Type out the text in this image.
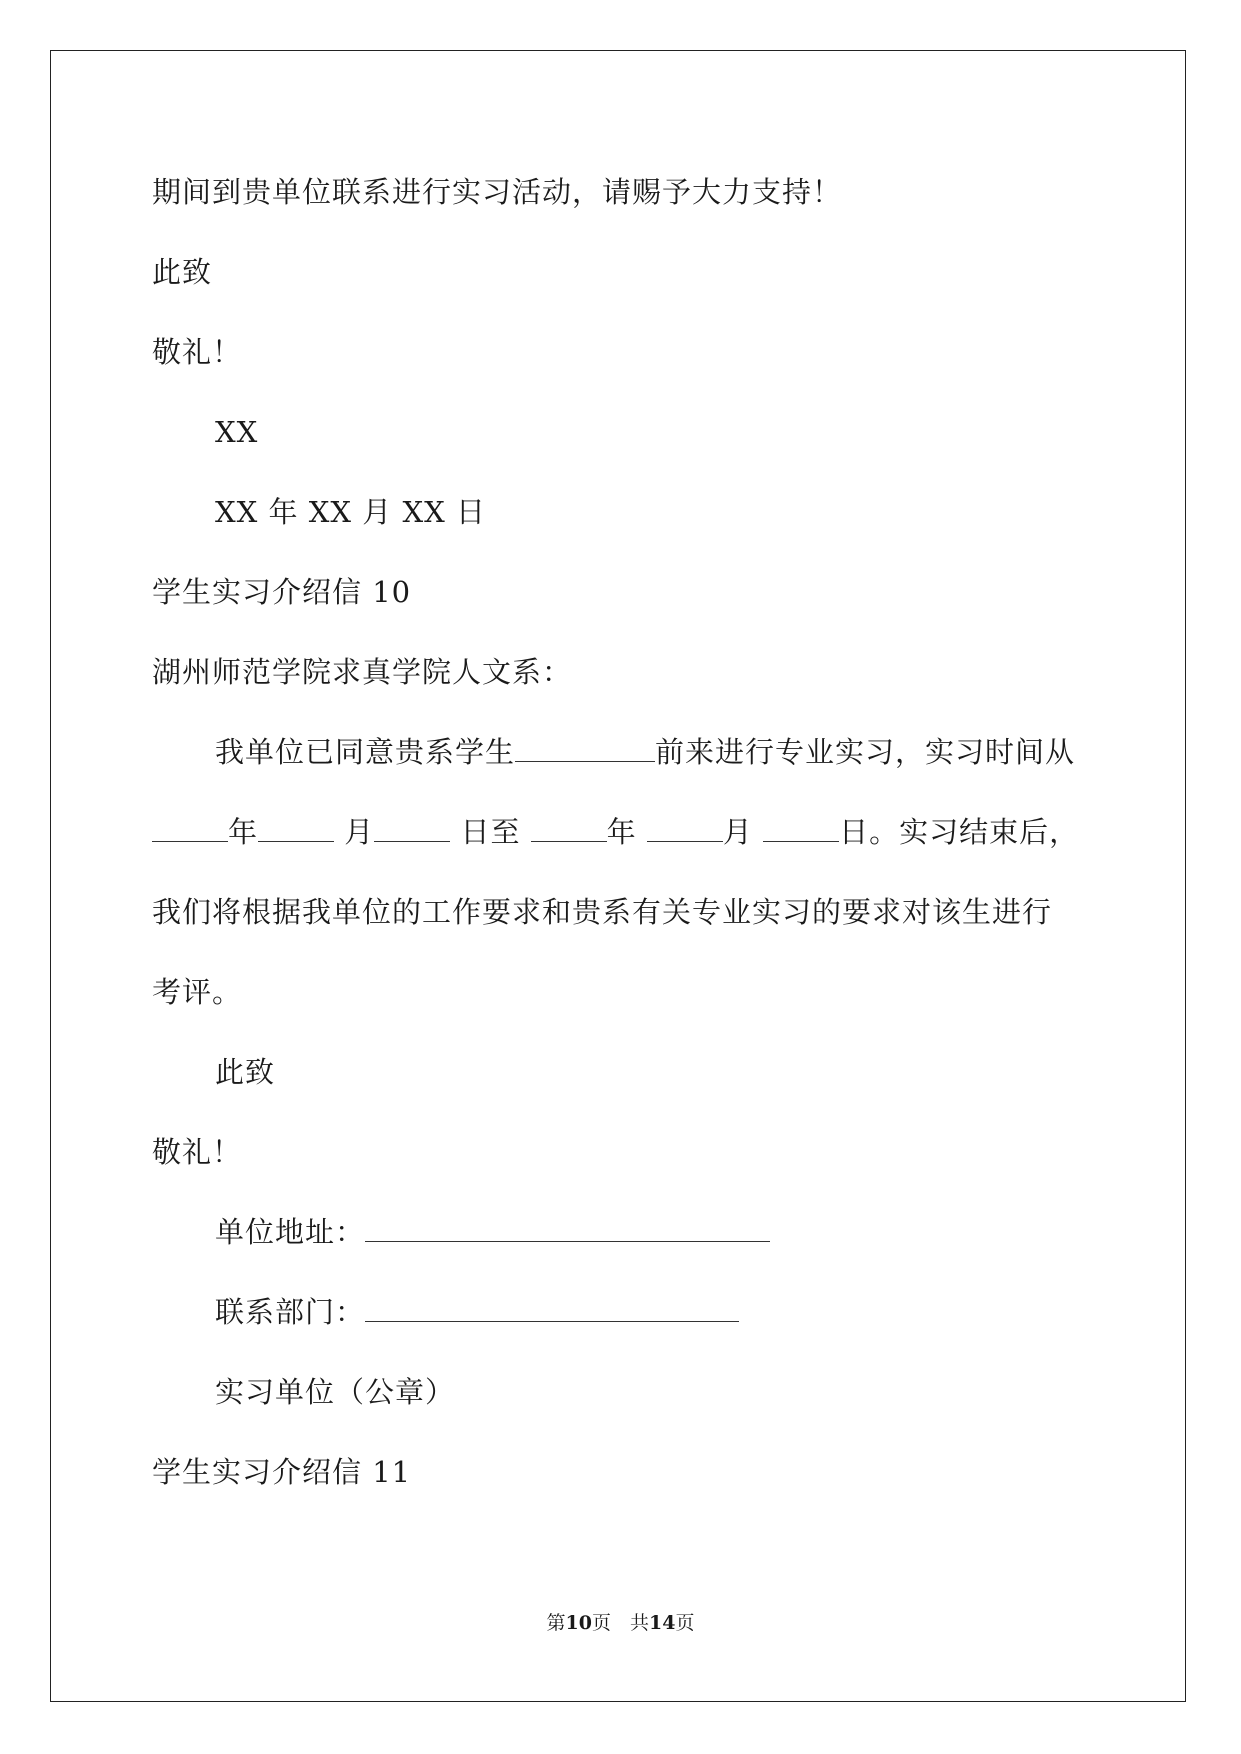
期间到贵单位联系进行实习活动，请赐予大力支持！
此致
敬礼！
XX
XX 年 XX 月 XX 日
学生实习介绍信 10
湖州师范学院求真学院人文系：
我单位已同意贵系学生	前来进行专业实习，实习时间从
年	月	日至	年	月	日。实习结束后，
我们将根据我单位的工作要求和贵系有关专业实习的要求对该生进行
考评。
此致
敬礼！
单位地址：
联系部门：
实习单位（公章）
学生实习介绍信 11
第10页　共14页
